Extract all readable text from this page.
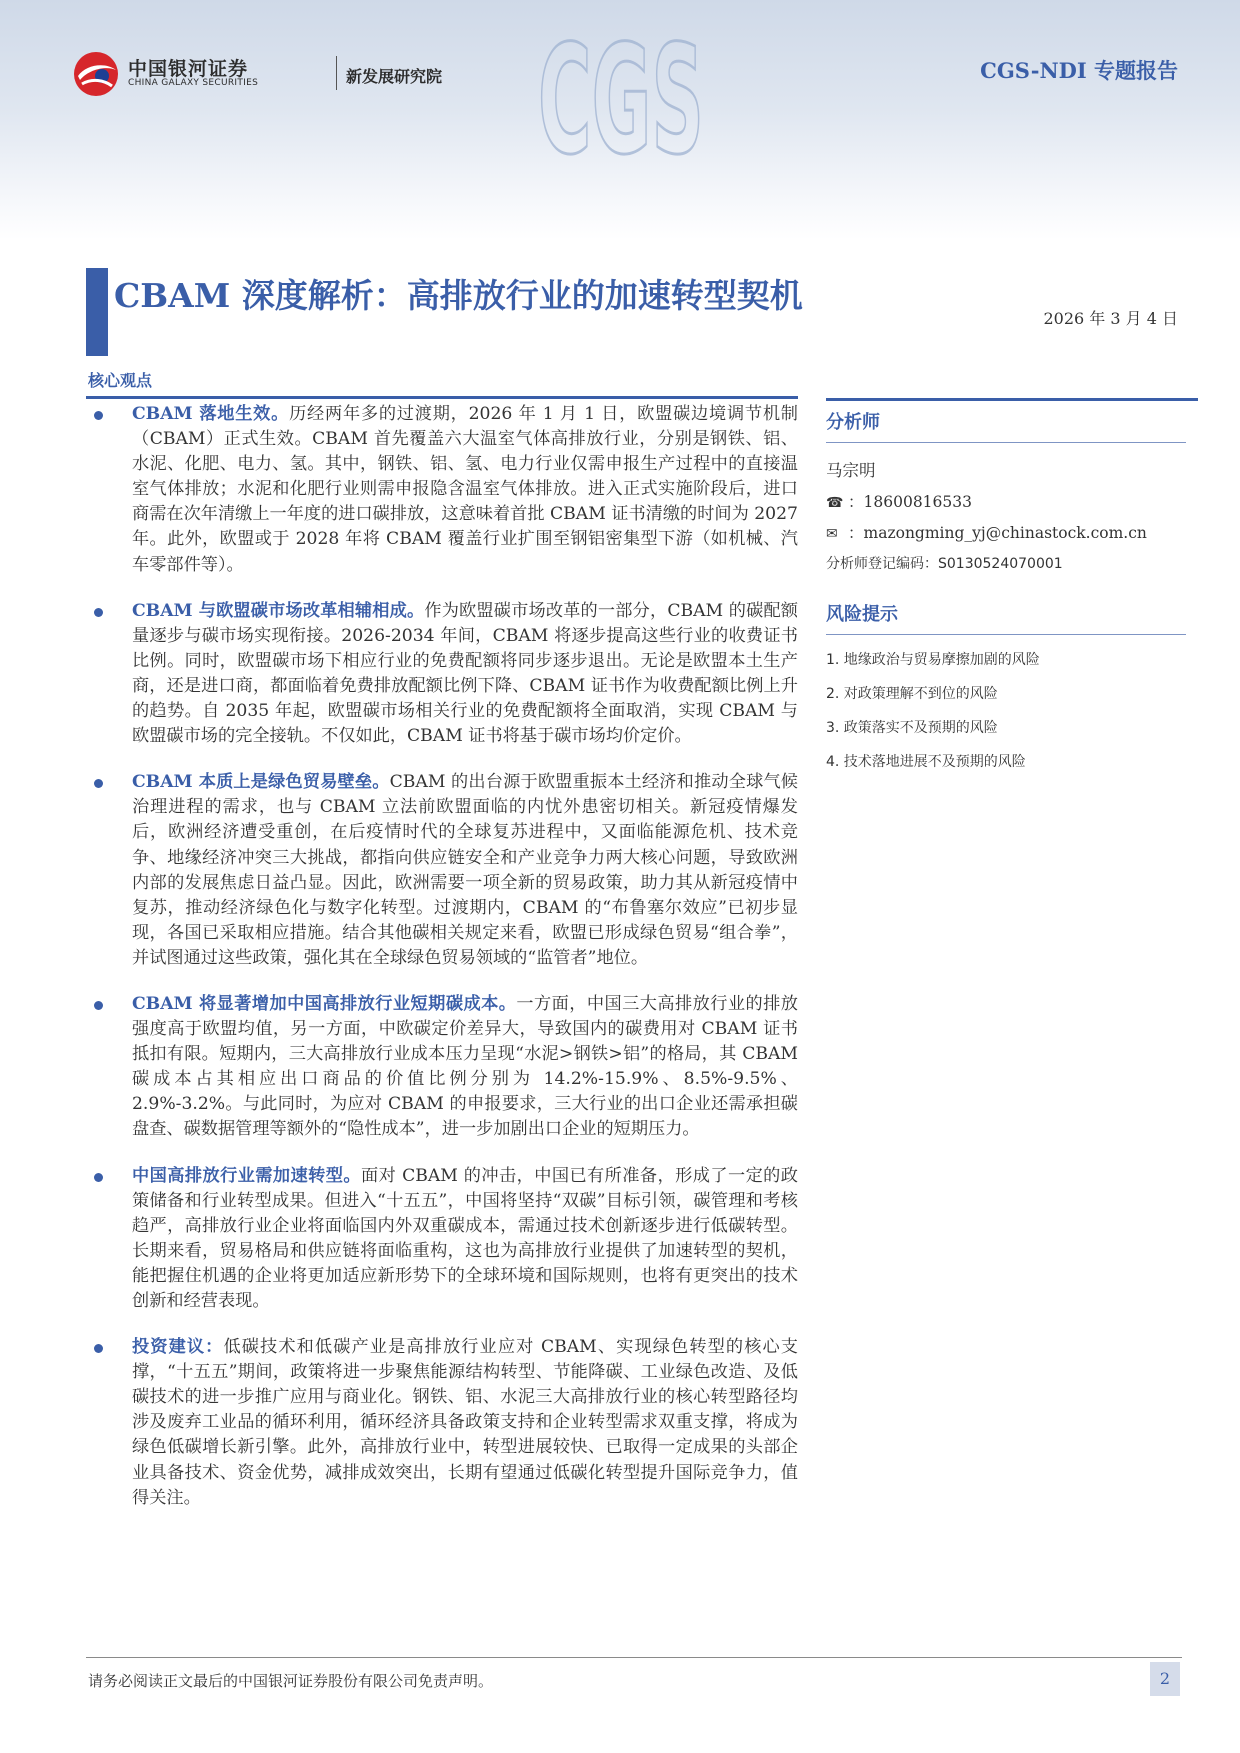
中国银河证券
CHINA GALAXY SECURITIES	新发展研究院 CGS	CGS-NDI 专题报告
CBAM 深度解析：高排放行业的加速转型契机
2026 年 3 月 4 日
核心观点
CBAM 落地生效。历经两年多的过渡期，2026 年 1 月 1 日，欧盟碳边境调节机制（CBAM）正式生效。CBAM 首先覆盖六大温室气体高排放行业，分别是钢铁、铝、水泥、化肥、电力、氢。其中，钢铁、铝、氢、电力行业仅需申报生产过程中的直接温室气体排放；水泥和化肥行业则需申报隐含温室气体排放。进入正式实施阶段后，进口商需在次年清缴上一年度的进口碳排放，这意味着首批 CBAM 证书清缴的时间为 2027 年。此外，欧盟或于 2028 年将 CBAM 覆盖行业扩围至钢铝密集型下游（如机械、汽车零部件等）。
CBAM 与欧盟碳市场改革相辅相成。作为欧盟碳市场改革的一部分，CBAM 的碳配额量逐步与碳市场实现衔接。2026-2034 年间，CBAM 将逐步提高这些行业的收费证书比例。同时，欧盟碳市场下相应行业的免费配额将同步逐步退出。无论是欧盟本土生产商，还是进口商，都面临着免费排放配额比例下降、CBAM 证书作为收费配额比例上升的趋势。自 2035 年起，欧盟碳市场相关行业的免费配额将全面取消，实现 CBAM 与欧盟碳市场的完全接轨。不仅如此，CBAM 证书将基于碳市场均价定价。
CBAM 本质上是绿色贸易壁垒。CBAM 的出台源于欧盟重振本土经济和推动全球气候治理进程的需求，也与 CBAM 立法前欧盟面临的内忧外患密切相关。新冠疫情爆发后，欧洲经济遭受重创，在后疫情时代的全球复苏进程中，又面临能源危机、技术竞争、地缘经济冲突三大挑战，都指向供应链安全和产业竞争力两大核心问题，导致欧洲内部的发展焦虑日益凸显。因此，欧洲需要一项全新的贸易政策，助力其从新冠疫情中复苏，推动经济绿色化与数字化转型。过渡期内，CBAM 的“布鲁塞尔效应”已初步显现，各国已采取相应措施。结合其他碳相关规定来看，欧盟已形成绿色贸易“组合拳”，并试图通过这些政策，强化其在全球绿色贸易领域的“监管者”地位。
CBAM 将显著增加中国高排放行业短期碳成本。一方面，中国三大高排放行业的排放强度高于欧盟均值，另一方面，中欧碳定价差异大，导致国内的碳费用对 CBAM 证书抵扣有限。短期内，三大高排放行业成本压力呈现“水泥>钢铁>铝”的格局，其 CBAM 碳成本占其相应出口商品的价值比例分别为 14.2%-15.9%、8.5%-9.5%、2.9%-3.2%。与此同时，为应对 CBAM 的申报要求，三大行业的出口企业还需承担碳盘查、碳数据管理等额外的“隐性成本”，进一步加剧出口企业的短期压力。
中国高排放行业需加速转型。面对 CBAM 的冲击，中国已有所准备，形成了一定的政策储备和行业转型成果。但进入“十五五”，中国将坚持“双碳”目标引领，碳管理和考核趋严，高排放行业企业将面临国内外双重碳成本，需通过技术创新逐步进行低碳转型。长期来看，贸易格局和供应链将面临重构，这也为高排放行业提供了加速转型的契机，能把握住机遇的企业将更加适应新形势下的全球环境和国际规则，也将有更突出的技术创新和经营表现。
投资建议：低碳技术和低碳产业是高排放行业应对 CBAM、实现绿色转型的核心支撑，“十五五”期间，政策将进一步聚焦能源结构转型、节能降碳、工业绿色改造、及低碳技术的进一步推广应用与商业化。钢铁、铝、水泥三大高排放行业的核心转型路径均涉及废弃工业品的循环利用，循环经济具备政策支持和企业转型需求双重支撑，将成为绿色低碳增长新引擎。此外，高排放行业中，转型进展较快、已取得一定成果的头部企业具备技术、资金优势，减排成效突出，长期有望通过低碳化转型提升国际竞争力，值得关注。
分析师
马宗明
☎ ：18600816533
✉ ：mazongming_yj@chinastock.com.cn
分析师登记编码：S0130524070001
风险提示
1. 地缘政治与贸易摩擦加剧的风险
2. 对政策理解不到位的风险
3. 政策落实不及预期的风险
4. 技术落地进展不及预期的风险
请务必阅读正文最后的中国银河证券股份有限公司免责声明。	2
